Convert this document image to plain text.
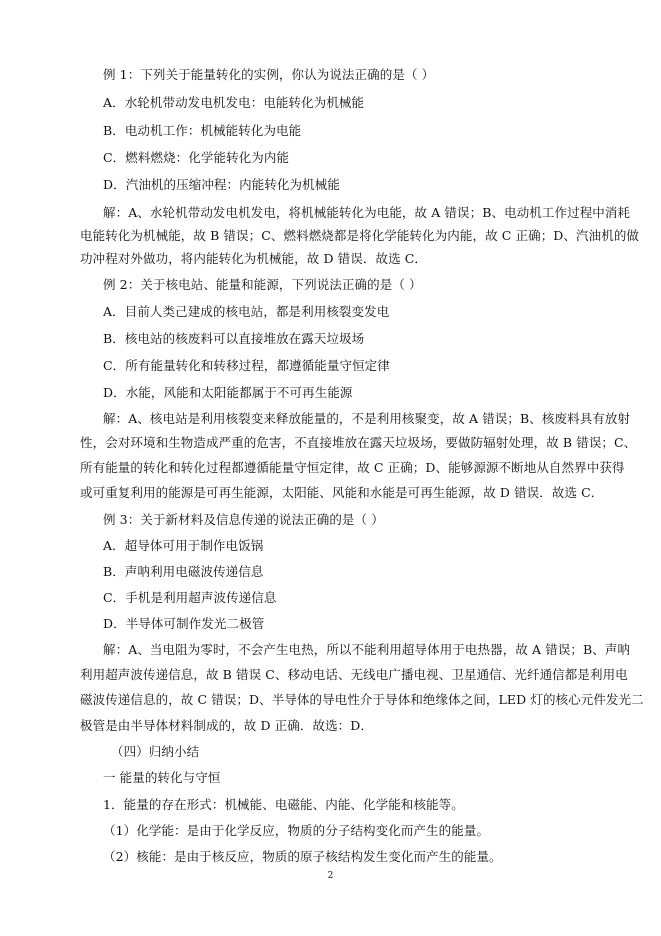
例 1：下列关于能量转化的实例，你认为说法正确的是（ ）
A．水轮机带动发电机发电：电能转化为机械能
B．电动机工作：机械能转化为电能
C．燃料燃烧：化学能转化为内能
D．汽油机的压缩冲程：内能转化为机械能
解：A、水轮机带动发电机发电，将机械能转化为电能，故 A 错误；B、电动机工作过程中消耗
电能转化为机械能，故 B 错误；C、燃料燃烧都是将化学能转化为内能，故 C 正确；D、汽油机的做
功冲程对外做功，将内能转化为机械能，故 D 错误．故选 C．
例 2：关于核电站、能量和能源，下列说法正确的是（ ）
A．目前人类己建成的核电站，都是利用核裂变发电
B．核电站的核废料可以直接堆放在露天垃圾场
C．所有能量转化和转移过程，都遵循能量守恒定律
D．水能，风能和太阳能都属于不可再生能源
解：A、核电站是利用核裂变来释放能量的，不是利用核聚变，故 A 错误；B、核废料具有放射
性，会对环境和生物造成严重的危害，不直接堆放在露天垃圾场，要做防辐射处理，故 B 错误；C、
所有能量的转化和转化过程都遵循能量守恒定律，故 C 正确；D、能够源源不断地从自然界中获得
或可重复利用的能源是可再生能源，太阳能、风能和水能是可再生能源，故 D 错误．故选 C．
例 3：关于新材料及信息传递的说法正确的是（ ）
A．超导体可用于制作电饭锅
B．声呐利用电磁波传递信息
C．手机是利用超声波传递信息
D．半导体可制作发光二极管
解：A、当电阻为零时，不会产生电热，所以不能利用超导体用于电热器，故 A 错误；B、声呐
利用超声波传递信息，故 B 错误 C、移动电话、无线电广播电视、卫星通信、光纤通信都是利用电
磁波传递信息的，故 C 错误；D、半导体的导电性介于导体和绝缘体之间，LED 灯的核心元件发光二
极管是由半导体材料制成的，故 D 正确．故选：D．
（四）归纳小结
一 能量的转化与守恒
1．能量的存在形式：机械能、电磁能、内能、化学能和核能等。
（1）化学能：是由于化学反应，物质的分子结构变化而产生的能量。
（2）核能：是由于核反应，物质的原子核结构发生变化而产生的能量。
2
